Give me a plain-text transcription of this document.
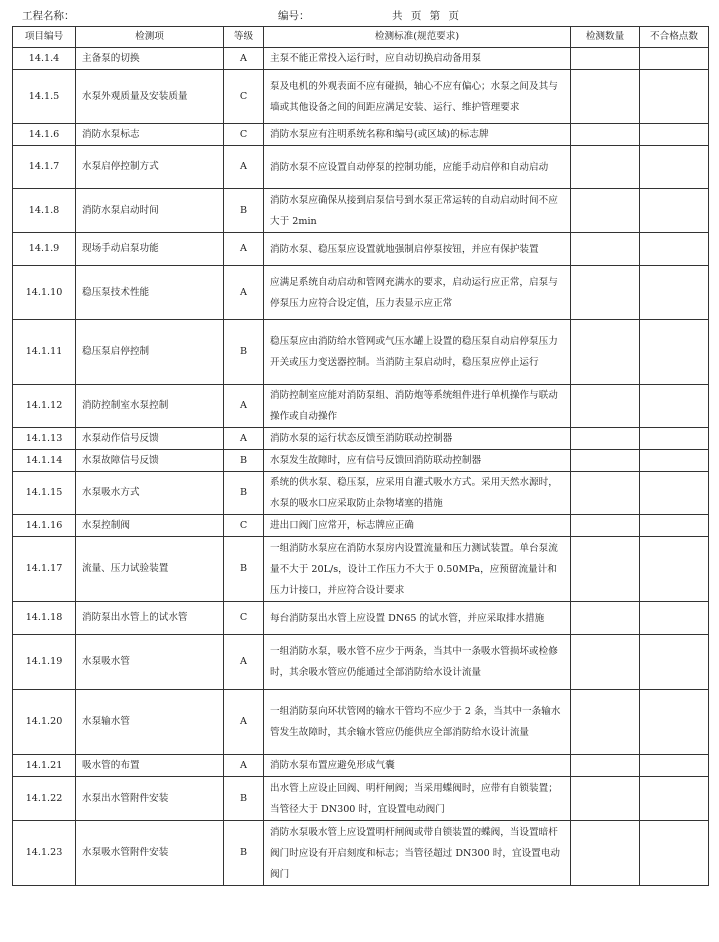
工程名称：	编号：	共 页 第 页
项目编号	检测项	等级	检测标准(规范要求)	检测数量	不合格点数
14.1.4	主备泵的切换	A	主泵不能正常投入运行时，应自动切换启动备用泵		
14.1.5	水泵外观质量及安装质量	C	泵及电机的外观表面不应有碰损，轴心不应有偏心；水泵之间及其与墙或其他设备之间的间距应满足安装、运行、维护管理要求		
14.1.6	消防水泵标志	C	消防水泵应有注明系统名称和编号(或区域)的标志牌		
14.1.7	水泵启停控制方式	A	消防水泵不应设置自动停泵的控制功能，应能手动启停和自动启动		
14.1.8	消防水泵启动时间	B	消防水泵应确保从接到启泵信号到水泵正常运转的自动启动时间不应大于 2min		
14.1.9	现场手动启泵功能	A	消防水泵、稳压泵应设置就地强制启停泵按钮，并应有保护装置		
14.1.10	稳压泵技术性能	A	应满足系统自动启动和管网充满水的要求，启动运行应正常，启泵与停泵压力应符合设定值，压力表显示应正常		
14.1.11	稳压泵启停控制	B	稳压泵应由消防给水管网或气压水罐上设置的稳压泵自动启停泵压力开关或压力变送器控制。当消防主泵启动时，稳压泵应停止运行		
14.1.12	消防控制室水泵控制	A	消防控制室应能对消防泵组、消防炮等系统组件进行单机操作与联动操作或自动操作		
14.1.13	水泵动作信号反馈	A	消防水泵的运行状态反馈至消防联动控制器		
14.1.14	水泵故障信号反馈	B	水泵发生故障时，应有信号反馈回消防联动控制器		
14.1.15	水泵吸水方式	B	系统的供水泵、稳压泵，应采用自灌式吸水方式。采用天然水源时，水泵的吸水口应采取防止杂物堵塞的措施		
14.1.16	水泵控制阀	C	进出口阀门应常开，标志牌应正确		
14.1.17	流量、压力试验装置	B	一组消防水泵应在消防水泵房内设置流量和压力测试装置。单台泵流量不大于 20L/s，设计工作压力不大于 0.50MPa，应预留流量计和压力计接口，并应符合设计要求		
14.1.18	消防泵出水管上的试水管	C	每台消防泵出水管上应设置 DN65 的试水管，并应采取排水措施		
14.1.19	水泵吸水管	A	一组消防水泵，吸水管不应少于两条，当其中一条吸水管损坏或检修时，其余吸水管应仍能通过全部消防给水设计流量		
14.1.20	水泵输水管	A	一组消防泵向环状管网的输水干管均不应少于 2 条，当其中一条输水管发生故障时，其余输水管应仍能供应全部消防给水设计流量		
14.1.21	吸水管的布置	A	消防水泵布置应避免形成气囊		
14.1.22	水泵出水管附件安装	B	出水管上应设止回阀、明杆闸阀；当采用蝶阀时，应带有自锁装置；当管径大于 DN300 时，宜设置电动阀门		
14.1.23	水泵吸水管附件安装	B	消防水泵吸水管上应设置明杆闸阀或带自锁装置的蝶阀，当设置暗杆阀门时应设有开启刻度和标志；当管径超过 DN300 时，宜设置电动阀门		
